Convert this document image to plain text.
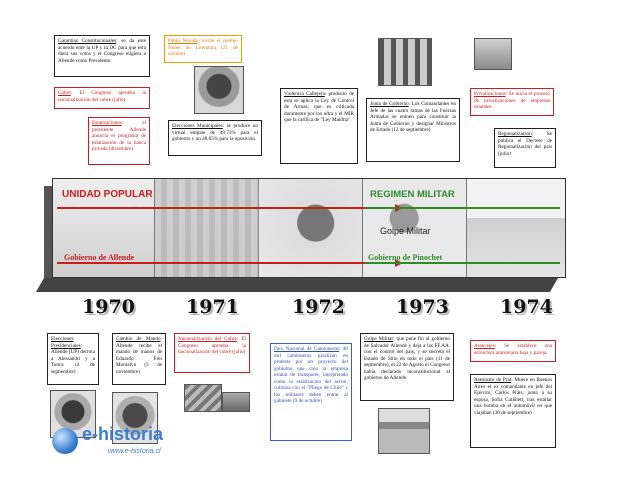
UNIDAD POPULAR
Gobierno de Allende
REGIMEN MILITAR
Golpe Militar
Gobierno de Pinochet
1970	1971	1972	1973	1974
Garantías Constitucionales: se da este acuerdo ente la UP y la DC para que esta diera sus votos y el Congreso eligiera a Allende como Presidente.
Cobre: El Congreso aprueba la nacionalización del cobre (julio)
Estatizaciones: el presidente Allende anuncia el programa de estatización de la banca privada (diciembre)
Pablo Neruda: recibe el premio Nobel de Literatura (21 de octubre)
Elecciones Municipales: se produce un virtual empate de 49,73% para el gobierno y un 48,05% para la oposición.
Violencia Callejera: producto de esta se aplica la Ley de Control de Armas, que es criticada duramente por los ultra y el MIR que la califica de "Ley Maldita".
Junta de Gobierno: Los Comandantes en Jefe de las cuatro ramas de las Fuerzas Armadas se reúnen para constituir la Junta de Gobierno y designar Ministros de Estado (12 de septiembre)
Privatizaciones: Se inicia el proceso de privatizaciones de empresas estatales.
Regionalización: Se publica el Decreto de Regionalización del país (julio)
Elecciones Presidenciales: Allende (UP) derrota a Alessandri y a Tomic (4 de septiembre)
Cambio de Mando: Allende recibe el mando de manos de Eduardo Frei Montalva (3 de noviembre)
Nacionalización del Cobre: El Congreso aprueba la nacionalización del cobre (julio)	Paro Nacional de Camioneros: 40 mil camioneros paralizan en protesta por un proyecto del gobierno que crea la empresa estatal de transporte, interpretado como la estatización del sector, culmina con el "Pliego de Chile" y los militares deben entrar al gabinete (9 de octubre)
Golpe Militar: que pone fin al gobierno de Salvador Allende y deja a las FF.AA. con el control del país, y se decreta el Estado de Sitio en todo el país (11 de septiembre), el 22 de Agosto el Congreso había declarado inconstitucional al gobierno de Allende.
Aranceles: Se establece una estructura arancelaria baja y pareja.
Asesinato de Prat: Muere en Buenos Aires el ex comandante en jefe del Ejército, Carlos Prats, junto a su esposa, Sofía Cuthbert, tras estallar una bomba en el automóvil en que viajaban (30 de septiembre)
e-historia
www.e-historia.cl
